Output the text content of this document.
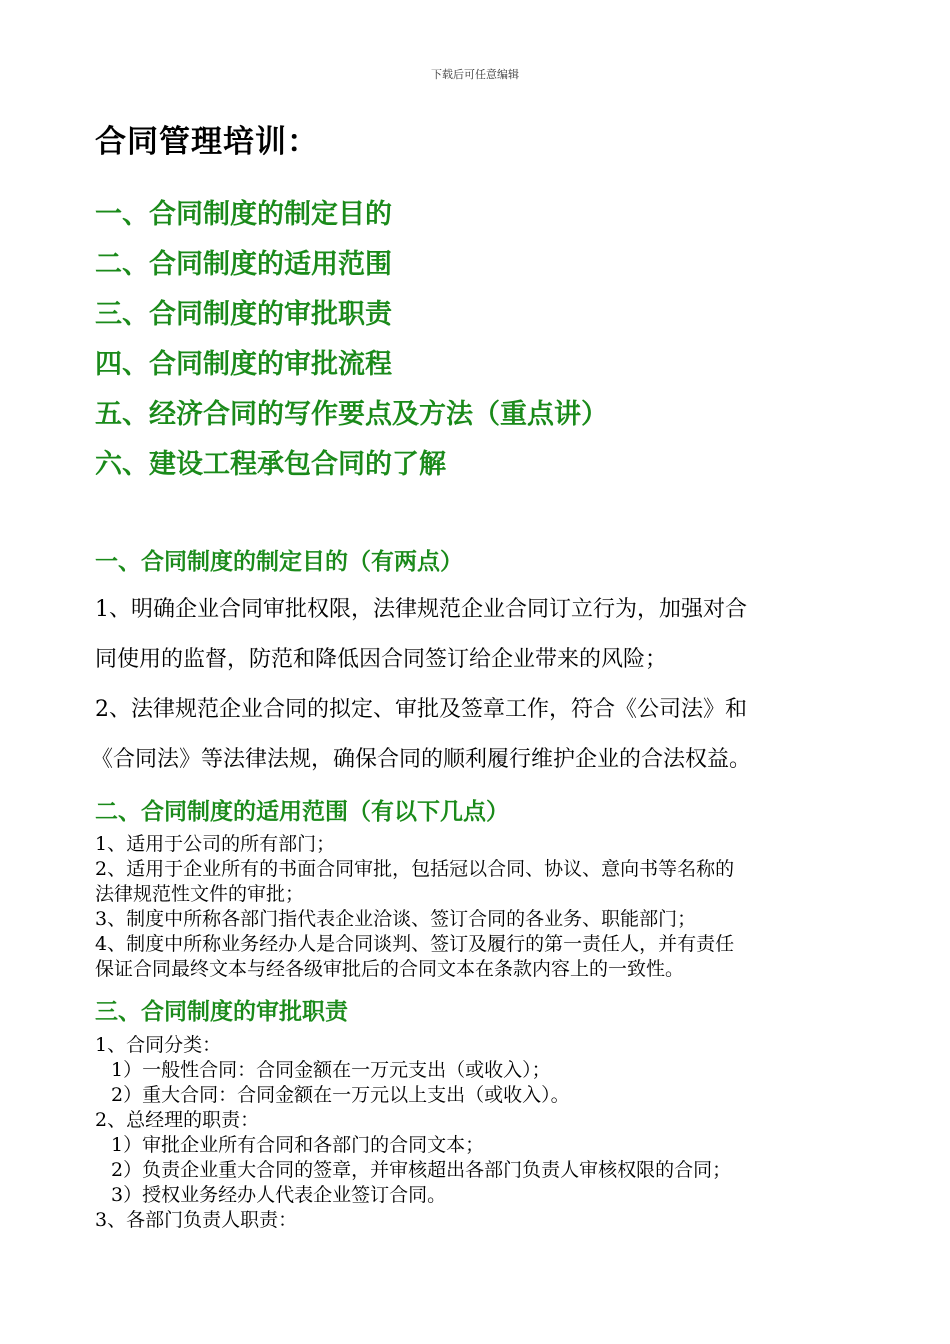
下载后可任意编辑
合同管理培训：
一、合同制度的制定目的
二、合同制度的适用范围
三、合同制度的审批职责
四、合同制度的审批流程
五、经济合同的写作要点及方法（重点讲）
六、建设工程承包合同的了解
一、合同制度的制定目的（有两点）
1、明确企业合同审批权限，法律规范企业合同订立行为，加强对合
同使用的监督，防范和降低因合同签订给企业带来的风险；
2、法律规范企业合同的拟定、审批及签章工作，符合《公司法》和
《合同法》等法律法规，确保合同的顺利履行维护企业的合法权益。
二、合同制度的适用范围（有以下几点）
1、适用于公司的所有部门；
2、适用于企业所有的书面合同审批，包括冠以合同、协议、意向书等名称的
法律规范性文件的审批；
3、制度中所称各部门指代表企业洽谈、签订合同的各业务、职能部门；
4、制度中所称业务经办人是合同谈判、签订及履行的第一责任人，并有责任
保证合同最终文本与经各级审批后的合同文本在条款内容上的一致性。
三、合同制度的审批职责
1、合同分类：
1）一般性合同：合同金额在一万元支出（或收入）；
2）重大合同：合同金额在一万元以上支出（或收入）。
2、总经理的职责：
1）审批企业所有合同和各部门的合同文本；
2）负责企业重大合同的签章，并审核超出各部门负责人审核权限的合同；
3）授权业务经办人代表企业签订合同。
3、各部门负责人职责：
